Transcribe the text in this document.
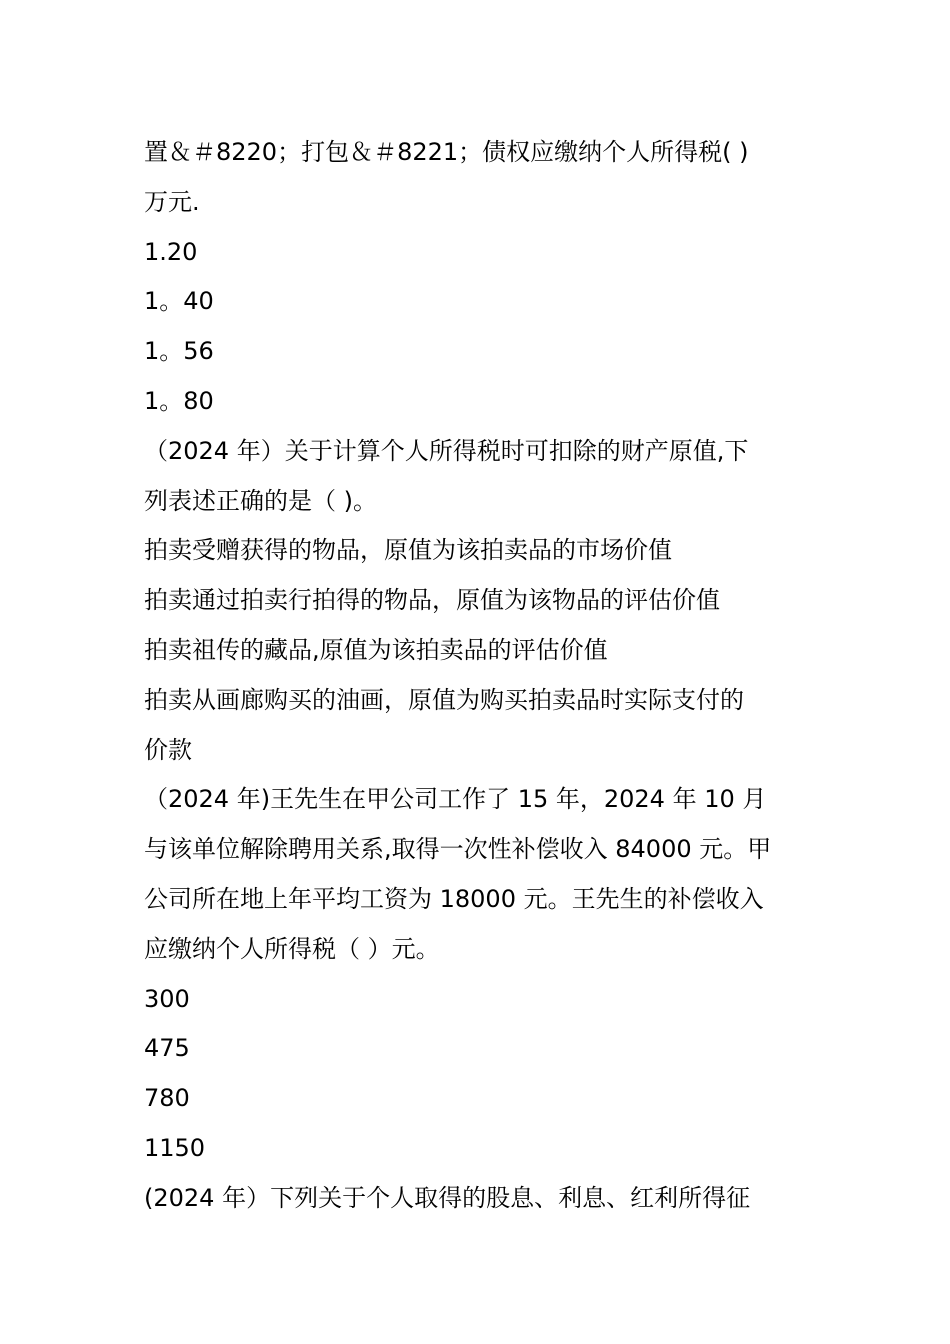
置＆＃8220；打包＆＃8221；债权应缴纳个人所得税( )
万元.
1.20
1。40
1。56
1。80
（2024 年）关于计算个人所得税时可扣除的财产原值,下
列表述正确的是（ )。
拍卖受赠获得的物品，原值为该拍卖品的市场价值
拍卖通过拍卖行拍得的物品，原值为该物品的评估价值
拍卖祖传的藏品,原值为该拍卖品的评估价值
拍卖从画廊购买的油画，原值为购买拍卖品时实际支付的
价款
（2024 年)王先生在甲公司工作了 15 年，2024 年 10 月
与该单位解除聘用关系,取得一次性补偿收入 84000 元。甲
公司所在地上年平均工资为 18000 元。王先生的补偿收入
应缴纳个人所得税（ ）元。
300
475
780
1150
(2024 年）下列关于个人取得的股息、利息、红利所得征
